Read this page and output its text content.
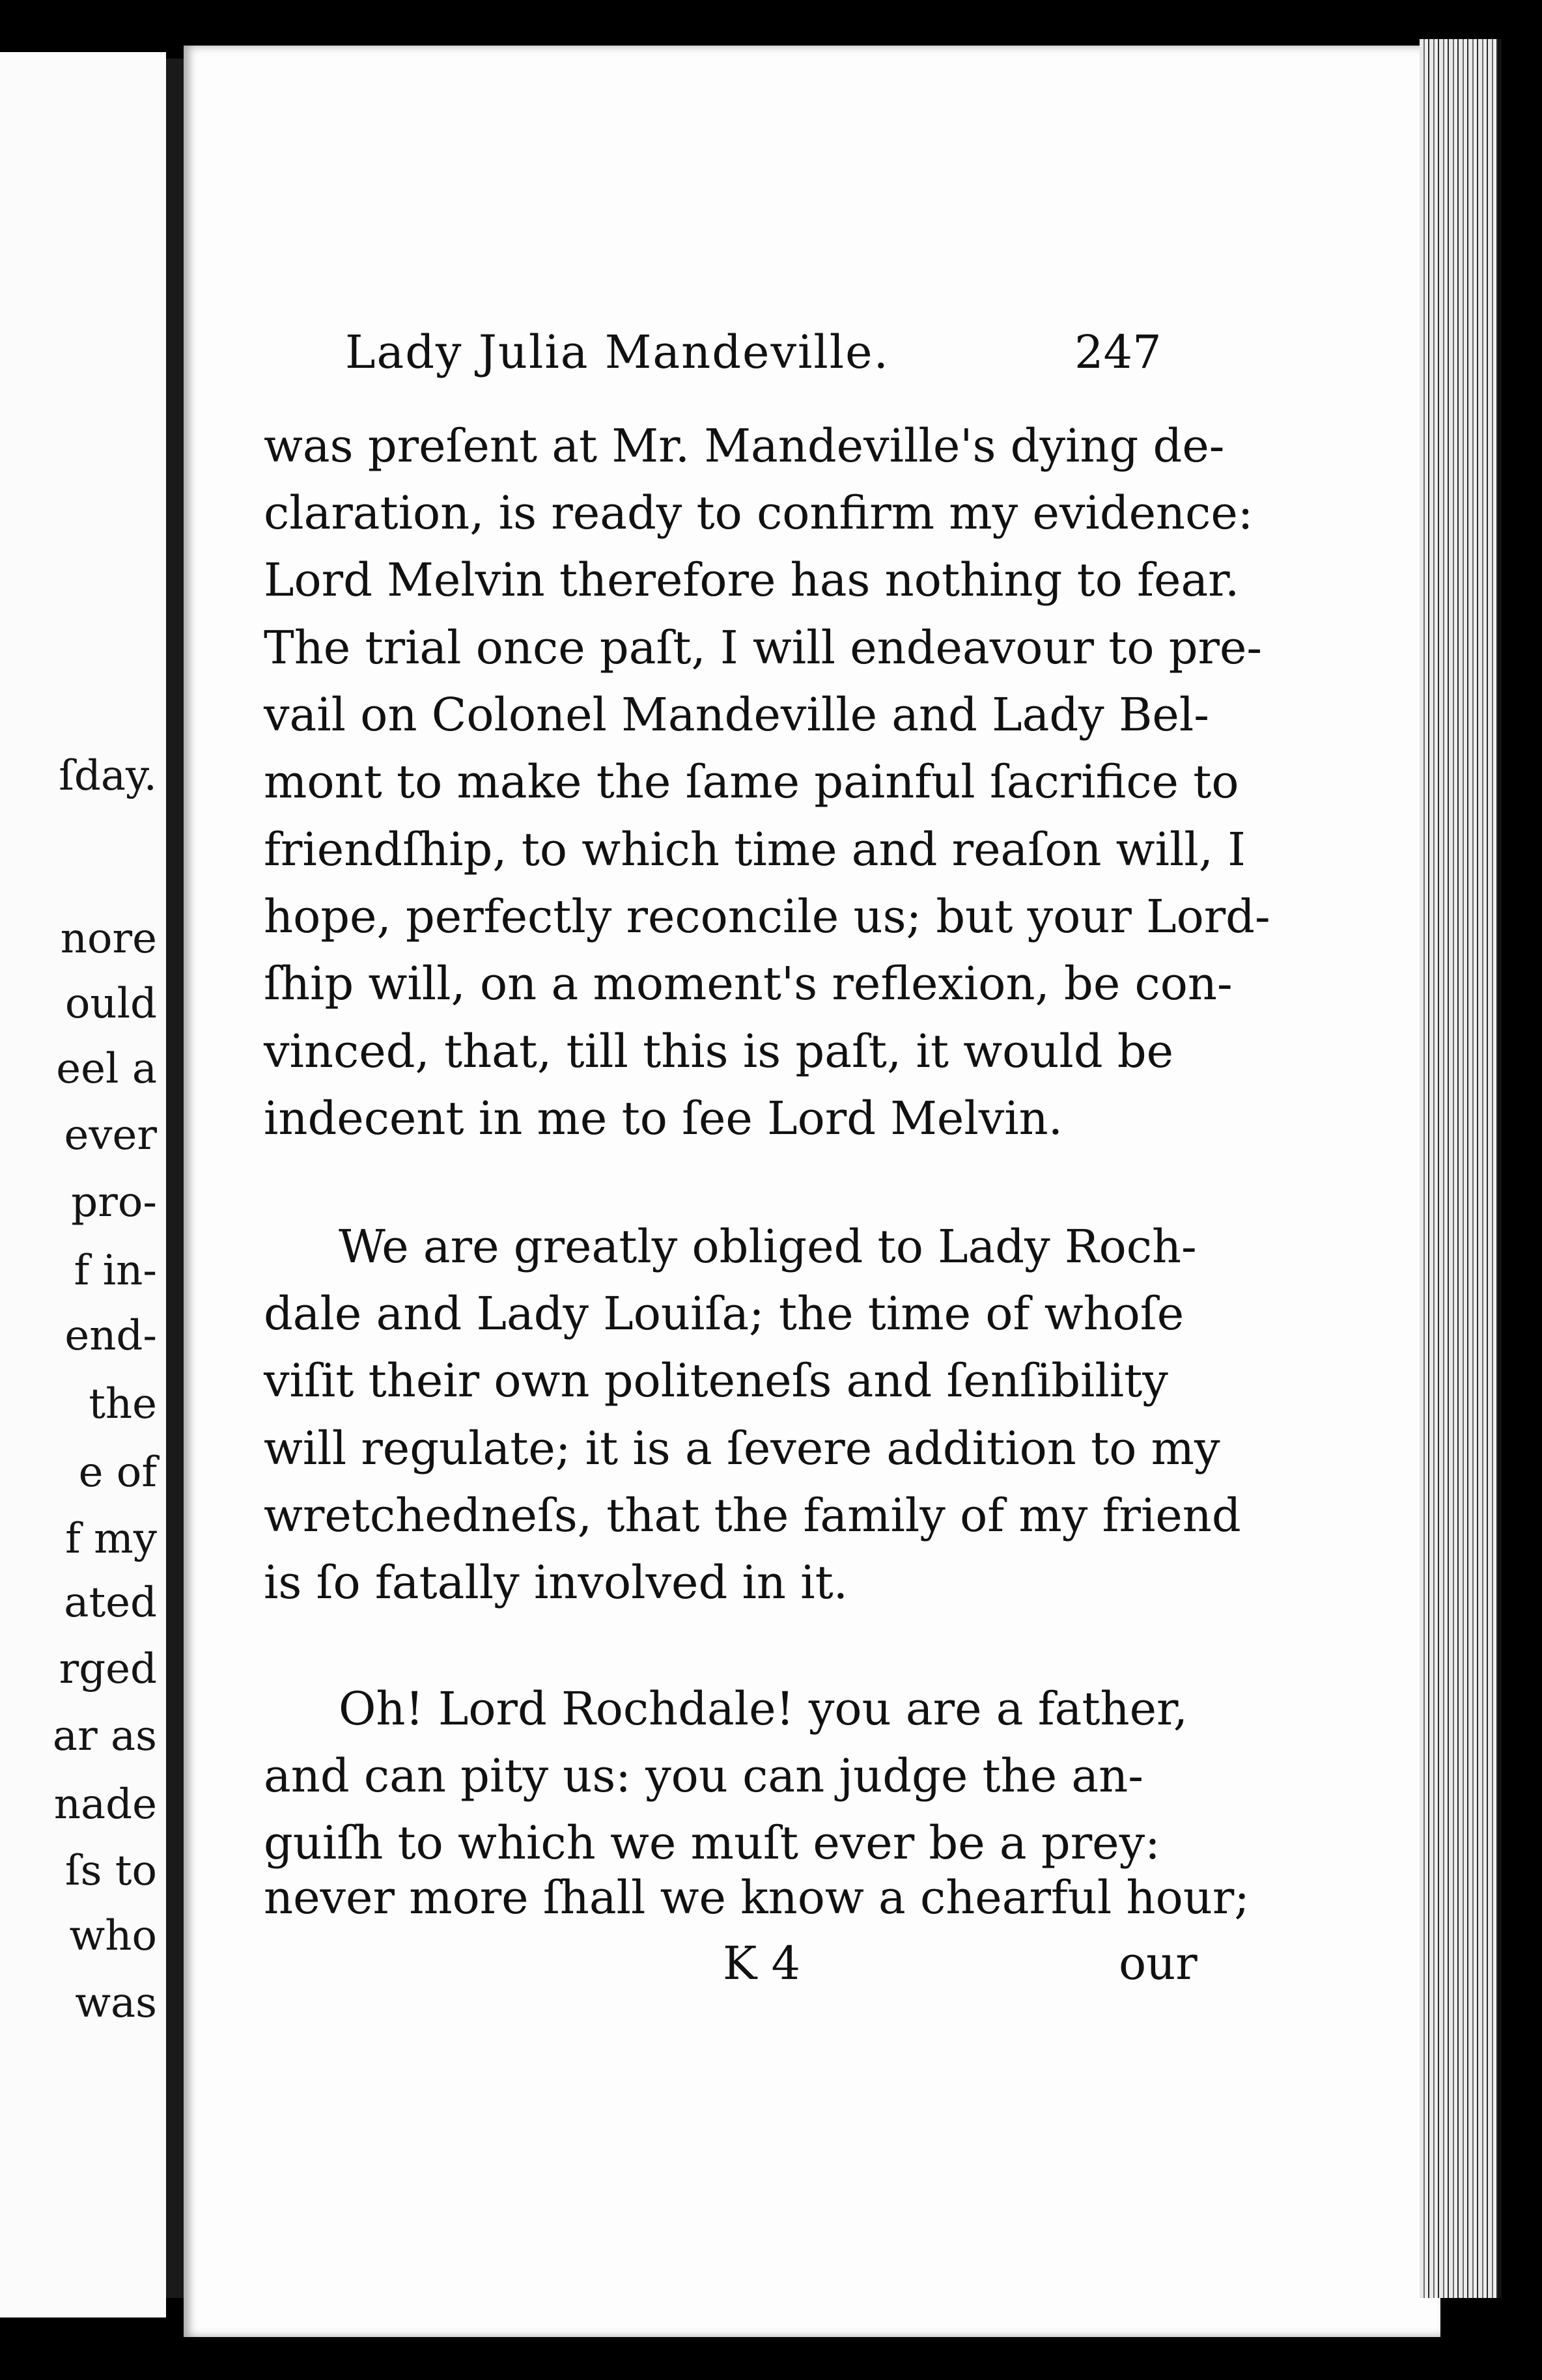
ſday.
nore
ould
eel a
ever
pro-
f in-
end-
the
e of
f my
ated
rged
ar as
nade
ſs to
who
was
Lady Julia Mandeville.	247
was preſent at Mr. Mandeville's dying de-
claration, is ready to confirm my evidence:
Lord Melvin therefore has nothing to fear.
The trial once paſt, I will endeavour to pre-
vail on Colonel Mandeville and Lady Bel-
mont to make the ſame painful ſacrifice to
friendſhip, to which time and reaſon will, I
hope, perfectly reconcile us; but your Lord-
ſhip will, on a moment's reflexion, be con-
vinced, that, till this is paſt, it would be
indecent in me to ſee Lord Melvin.
We are greatly obliged to Lady Roch-
dale and Lady Louiſa; the time of whoſe
viſit their own politeneſs and ſenſibility
will regulate; it is a ſevere addition to my
wretchedneſs, that the family of my friend
is ſo fatally involved in it.
Oh! Lord Rochdale! you are a father,
and can pity us: you can judge the an-
guiſh to which we muſt ever be a prey:
never more ſhall we know a chearful hour;
K 4	our
